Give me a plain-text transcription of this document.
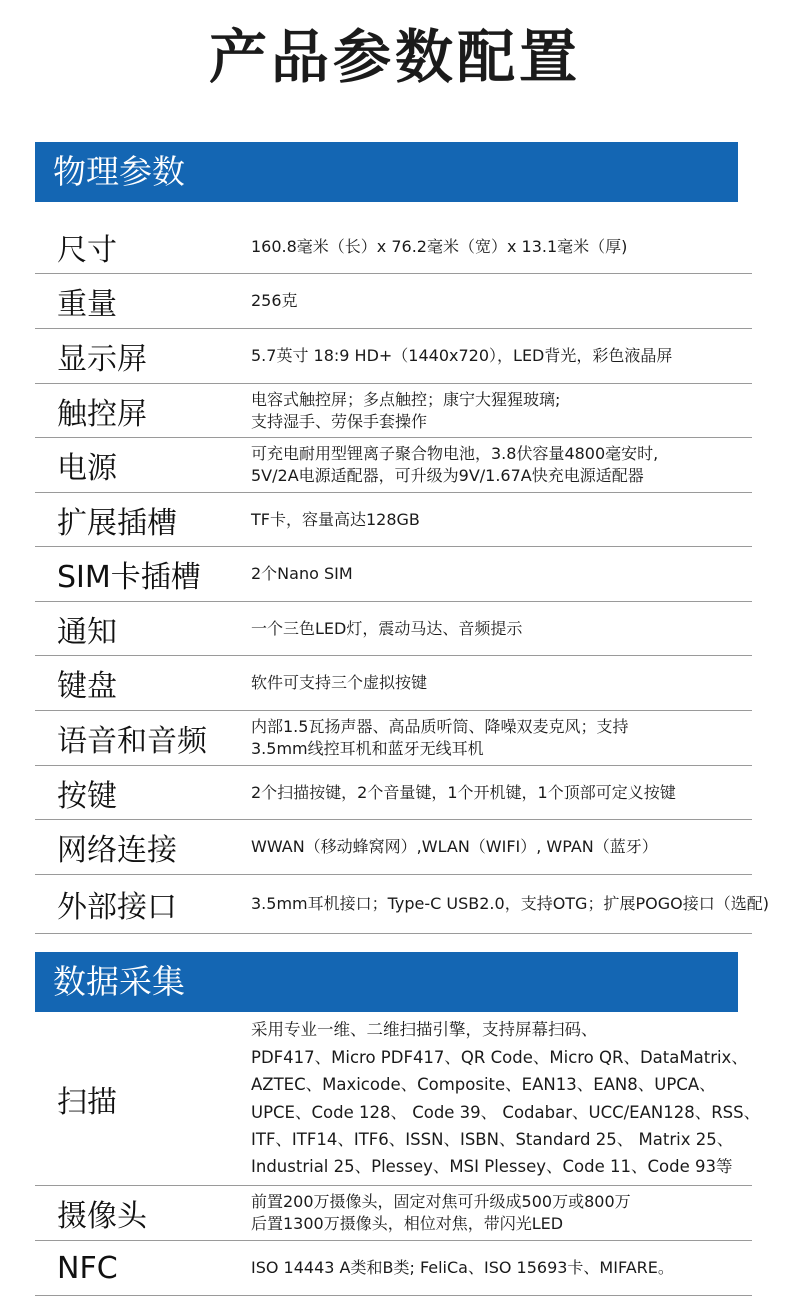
产品参数配置
物理参数
尺寸	160.8毫米（长）x 76.2毫米（宽）x 13.1毫米（厚)
重量	256克
显示屏	5.7英寸 18:9 HD+（1440x720），LED背光，彩色液晶屏
触控屏	电容式触控屏；多点触控；康宁大猩猩玻璃;
支持湿手、劳保手套操作
电源	可充电耐用型锂离子聚合物电池，3.8伏容量4800毫安时,
5V/2A电源适配器，可升级为9V/1.67A快充电源适配器
扩展插槽	TF卡，容量高达128GB
SIM卡插槽	2个Nano SIM
通知	一个三色LED灯，震动马达、音频提示
键盘	软件可支持三个虚拟按键
语音和音频	内部1.5瓦扬声器、高品质听筒、降噪双麦克风；支持
3.5mm线控耳机和蓝牙无线耳机
按键	2个扫描按键，2个音量键，1个开机键，1个顶部可定义按键
网络连接	WWAN（移动蜂窝网）,WLAN（WIFI）, WPAN（蓝牙）
外部接口	3.5mm耳机接口；Type-C USB2.0，支持OTG；扩展POGO接口（选配)
数据采集
扫描
采用专业一维、二维扫描引擎，支持屏幕扫码、
PDF417、Micro PDF417、QR Code、Micro QR、DataMatrix、
AZTEC、Maxicode、Composite、EAN13、EAN8、UPCA、
UPCE、Code 128、 Code 39、 Codabar、UCC/EAN128、RSS、
ITF、ITF14、ITF6、ISSN、ISBN、Standard 25、 Matrix 25、
Industrial 25、Plessey、MSI Plessey、Code 11、Code 93等
摄像头	前置200万摄像头，固定对焦可升级成500万或800万
后置1300万摄像头，相位对焦，带闪光LED
NFC	ISO 14443 A类和B类; FeliCa、ISO 15693卡、MIFARE。
